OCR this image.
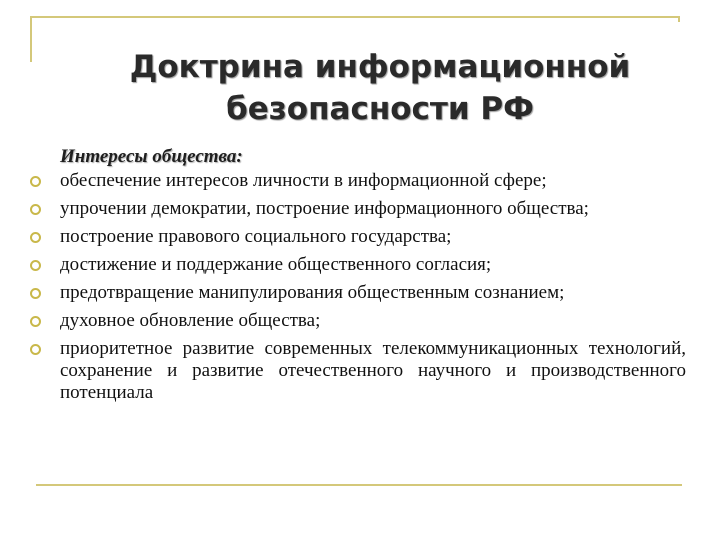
Доктрина информационной
безопасности РФ
Интересы общества:
обеспечение интересов личности в информационной сфере;
упрочении демократии, построение информационного общества;
построение правового социального государства;
достижение и поддержание общественного согласия;
предотвращение манипулирования общественным сознанием;
духовное обновление общества;
приоритетное развитие современных телекоммуникационных технологий, сохранение и развитие отечественного научного и производственного потенциала
